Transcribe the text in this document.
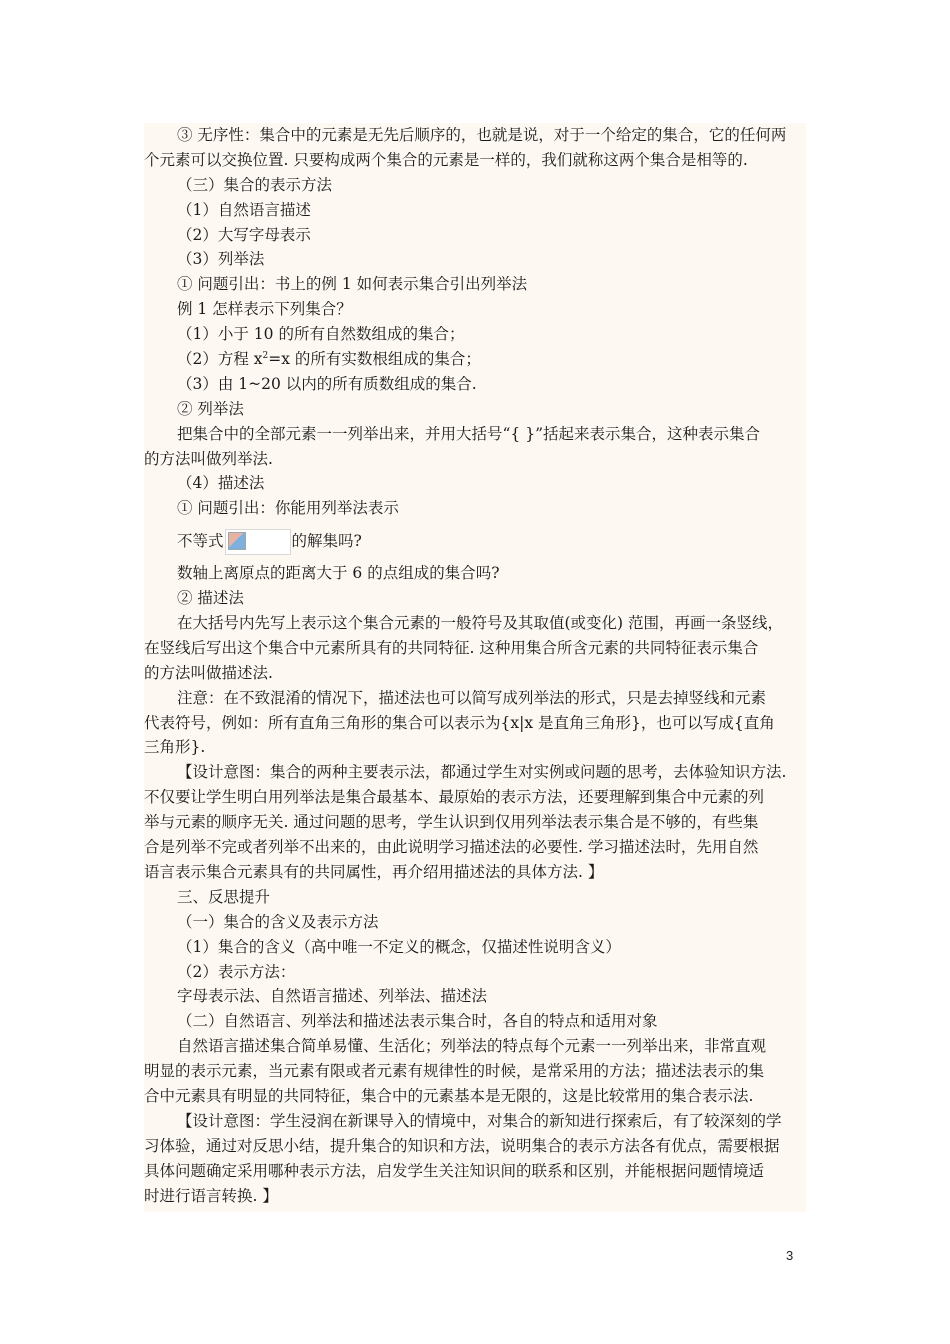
③ 无序性：集合中的元素是无先后顺序的，也就是说，对于一个给定的集合，它的任何两
个元素可以交换位置. 只要构成两个集合的元素是一样的，我们就称这两个集合是相等的.
（三）集合的表示方法
（1）自然语言描述
（2）大写字母表示
（3）列举法
① 问题引出：书上的例 1 如何表示集合引出列举法
例 1 怎样表示下列集合？
（1）小于 10 的所有自然数组成的集合；
（2）方程 $x^2=x$ 的所有实数根组成的集合；
（3）由 1~20 以内的所有质数组成的集合.
② 列举法
把集合中的全部元素一一列举出来，并用大括号“{ }”括起来表示集合，这种表示集合
的方法叫做列举法.
（4）描述法
① 问题引出：你能用列举法表示
不等式	的解集吗?
数轴上离原点的距离大于 6 的点组成的集合吗?
② 描述法
在大括号内先写上表示这个集合元素的一般符号及其取值(或变化) 范围，再画一条竖线，
在竖线后写出这个集合中元素所具有的共同特征. 这种用集合所含元素的共同特征表示集合
的方法叫做描述法.
注意：在不致混淆的情况下，描述法也可以简写成列举法的形式，只是去掉竖线和元素
代表符号，例如：所有直角三角形的集合可以表示为{x|x 是直角三角形}，也可以写成{直角
三角形}.
【设计意图：集合的两种主要表示法，都通过学生对实例或问题的思考，去体验知识方法.
不仅要让学生明白用列举法是集合最基本、最原始的表示方法，还要理解到集合中元素的列
举与元素的顺序无关. 通过问题的思考，学生认识到仅用列举法表示集合是不够的，有些集
合是列举不完或者列举不出来的，由此说明学习描述法的必要性. 学习描述法时，先用自然
语言表示集合元素具有的共同属性，再介绍用描述法的具体方法. 】
三、反思提升
（一）集合的含义及表示方法
（1）集合的含义（高中唯一不定义的概念，仅描述性说明含义）
（2）表示方法：
字母表示法、自然语言描述、列举法、描述法
（二）自然语言、列举法和描述法表示集合时，各自的特点和适用对象
自然语言描述集合简单易懂、生活化；列举法的特点每个元素一一列举出来，非常直观
明显的表示元素，当元素有限或者元素有规律性的时候，是常采用的方法；描述法表示的集
合中元素具有明显的共同特征，集合中的元素基本是无限的，这是比较常用的集合表示法.
【设计意图：学生浸润在新课导入的情境中，对集合的新知进行探索后，有了较深刻的学
习体验，通过对反思小结，提升集合的知识和方法，说明集合的表示方法各有优点，需要根据
具体问题确定采用哪种表示方法，启发学生关注知识间的联系和区别，并能根据问题情境适
时进行语言转换. 】
3
